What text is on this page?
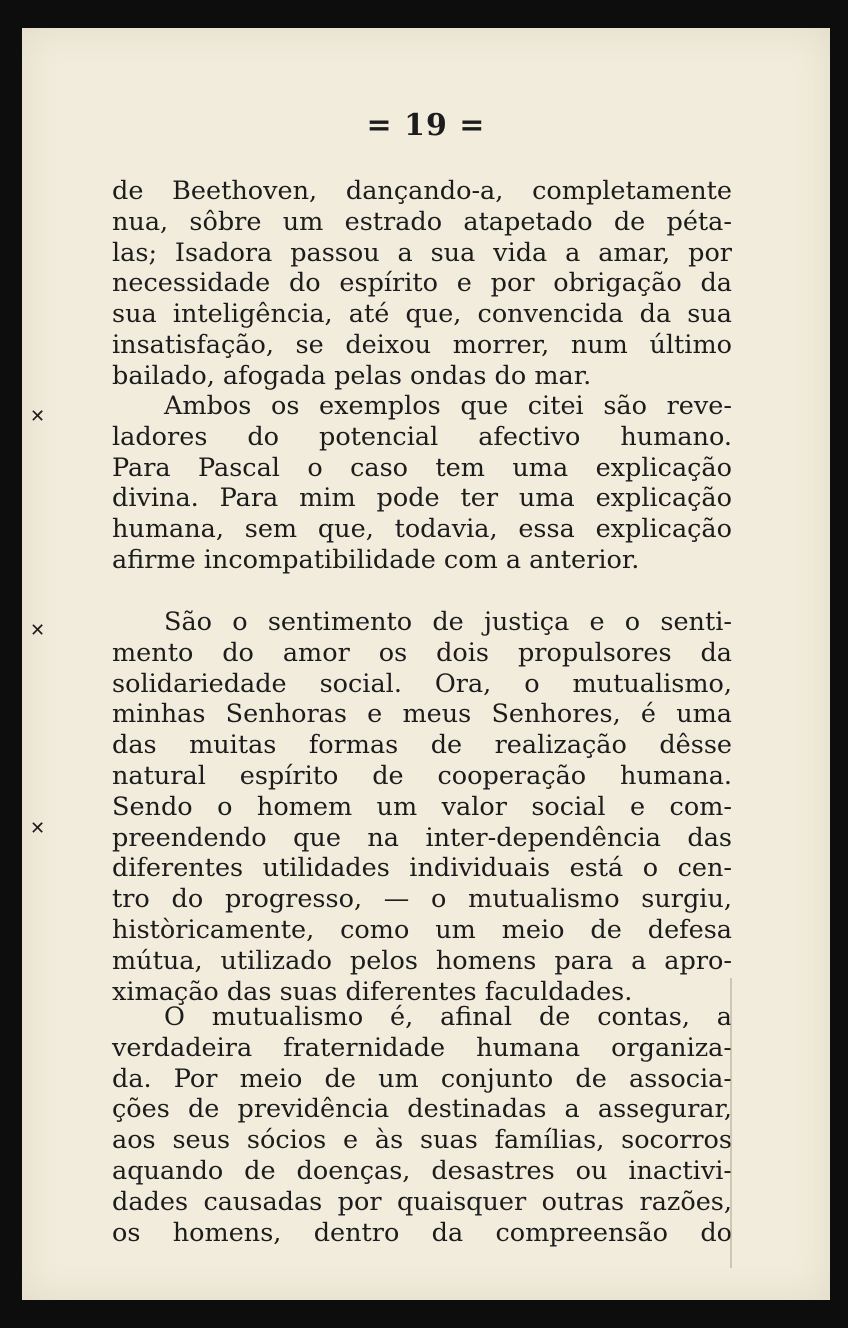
= 19 =
de Beethoven, dançando-a, completamente
nua, sôbre um estrado atapetado de péta-
las; Isadora passou a sua vida a amar, por
necessidade do espírito e por obrigação da
sua inteligência, até que, convencida da sua
insatisfação, se deixou morrer, num último
bailado, afogada pelas ondas do mar.
Ambos os exemplos que citei são reve-
ladores do potencial afectivo humano.
Para Pascal o caso tem uma explicação
divina. Para mim pode ter uma explicação
humana, sem que, todavia, essa explicação
afirme incompatibilidade com a anterior.
São o sentimento de justiça e o senti-
mento do amor os dois propulsores da
solidariedade social. Ora, o mutualismo,
minhas Senhoras e meus Senhores, é uma
das muitas formas de realização dêsse
natural espírito de cooperação humana.
Sendo o homem um valor social e com-
preendendo que na inter-dependência das
diferentes utilidades individuais está o cen-
tro do progresso, — o mutualismo surgiu,
històricamente, como um meio de defesa
mútua, utilizado pelos homens para a apro-
ximação das suas diferentes faculdades.
O mutualismo é, afinal de contas, a
verdadeira fraternidade humana organiza-
da. Por meio de um conjunto de associa-
ções de previdência destinadas a assegurar,
aos seus sócios e às suas famílias, socorros
aquando de doenças, desastres ou inactivi-
dades causadas por quaisquer outras razões,
os homens, dentro da compreensão do
✕
✕
✕
